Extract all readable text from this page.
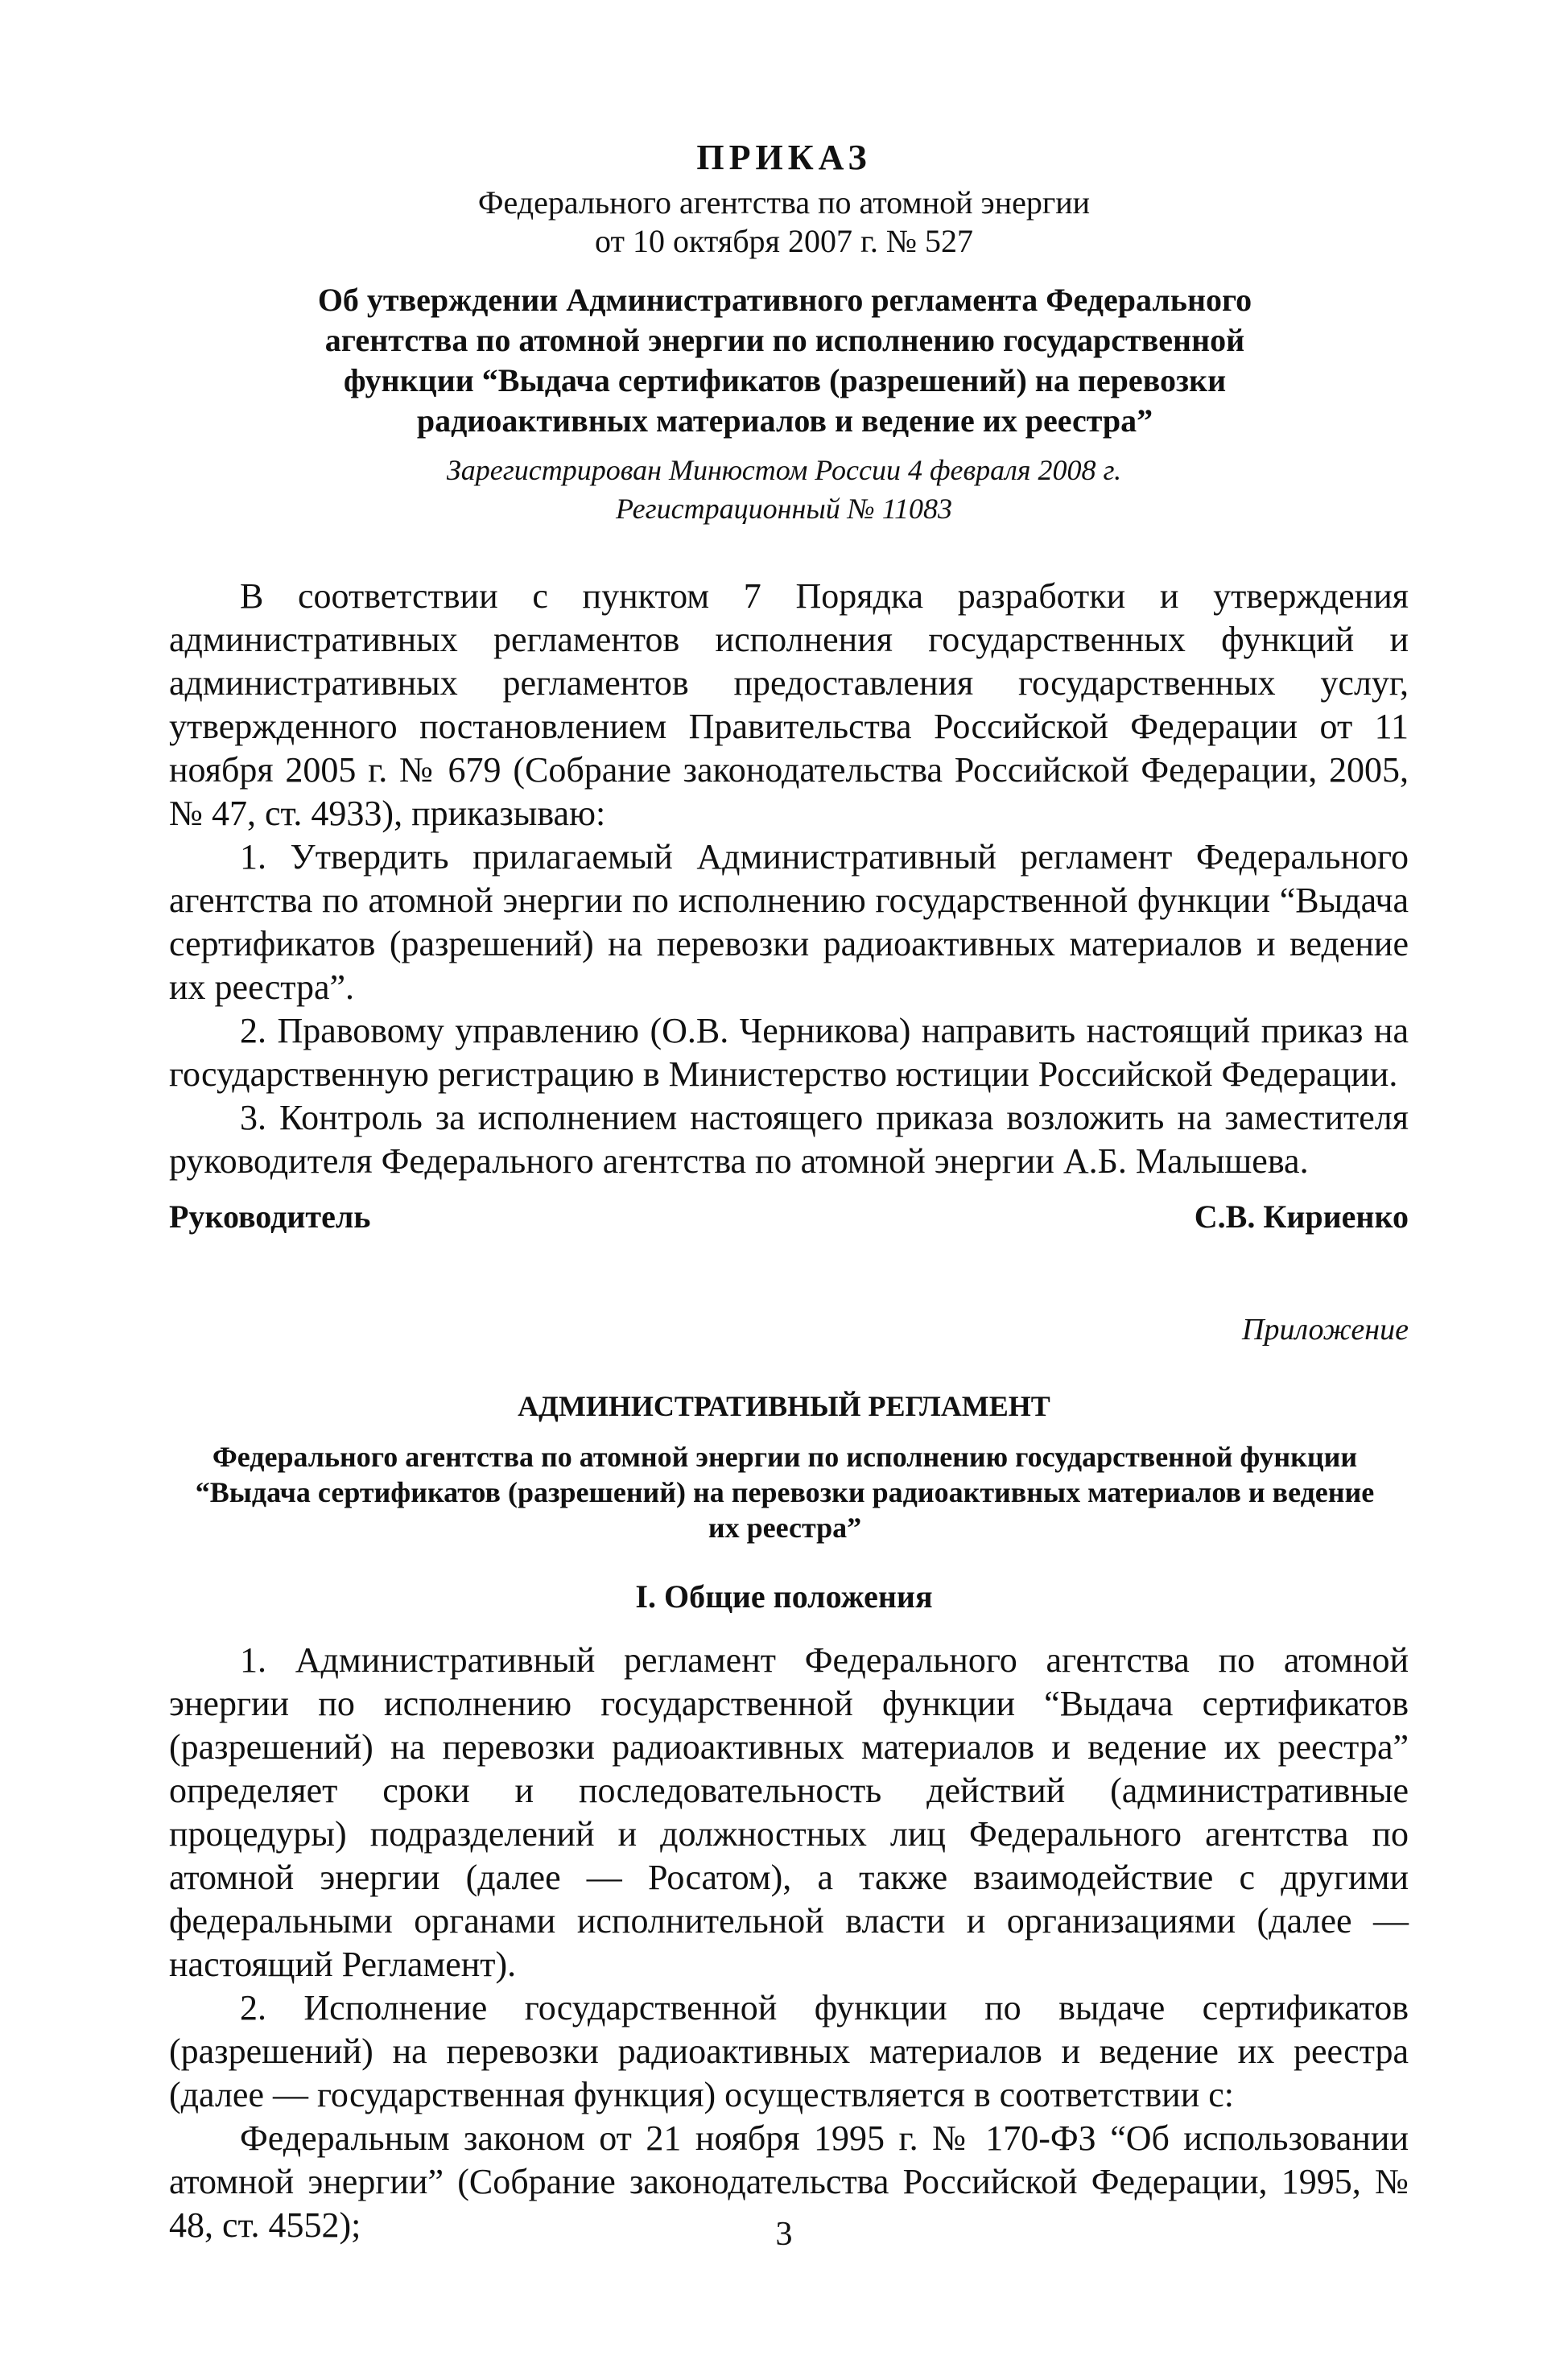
ПРИКАЗ
Федерального агентства по атомной энергии
от 10 октября 2007 г. № 527
Об утверждении Административного регламента Федерального агентства по атомной энергии по исполнению государственной функции “Выдача сертификатов (разрешений) на перевозки радиоактивных материалов и ведение их реестра”
Зарегистрирован Минюстом России 4 февраля 2008 г.
Регистрационный № 11083

В соответствии с пунктом 7 Порядка разработки и утверждения административных регламентов исполнения государственных функций и административных регламентов предоставления государственных услуг, утвержденного постановлением Правительства Российской Федерации от 11 ноября 2005 г. № 679 (Собрание законодательства Российской Федерации, 2005, № 47, ст. 4933), приказываю:

1. Утвердить прилагаемый Административный регламент Федерального агентства по атомной энергии по исполнению государственной функции “Выдача сертификатов (разрешений) на перевозки радиоактивных материалов и ведение их реестра”.

2. Правовому управлению (О.В. Черникова) направить настоящий приказ на государственную регистрацию в Министерство юстиции Российской Федерации.

3. Контроль за исполнением настоящего приказа возложить на заместителя руководителя Федерального агентства по атомной энергии А.Б. Малышева.

Руководитель	С.В. Кириенко
Приложение
АДМИНИСТРАТИВНЫЙ РЕГЛАМЕНТ
Федерального агентства по атомной энергии по исполнению государственной функции “Выдача сертификатов (разрешений) на перевозки радиоактивных материалов и ведение их реестра”
I. Общие положения

1. Административный регламент Федерального агентства по атомной энергии по исполнению государственной функции “Выдача сертификатов (разрешений) на перевозки радиоактивных материалов и ведение их реестра” определяет сроки и последовательность действий (административные процедуры) подразделений и должностных лиц Федерального агентства по атомной энергии (далее — Росатом), а также взаимодействие с другими федеральными органами исполнительной власти и организациями (далее — настоящий Регламент).

2. Исполнение государственной функции по выдаче сертификатов (разрешений) на перевозки радиоактивных материалов и ведение их реестра (далее — государственная функция) осуществляется в соответствии с:

Федеральным законом от 21 ноября 1995 г. № 170-ФЗ “Об использовании атомной энергии” (Собрание законодательства Российской Федерации, 1995, № 48, ст. 4552);	3
